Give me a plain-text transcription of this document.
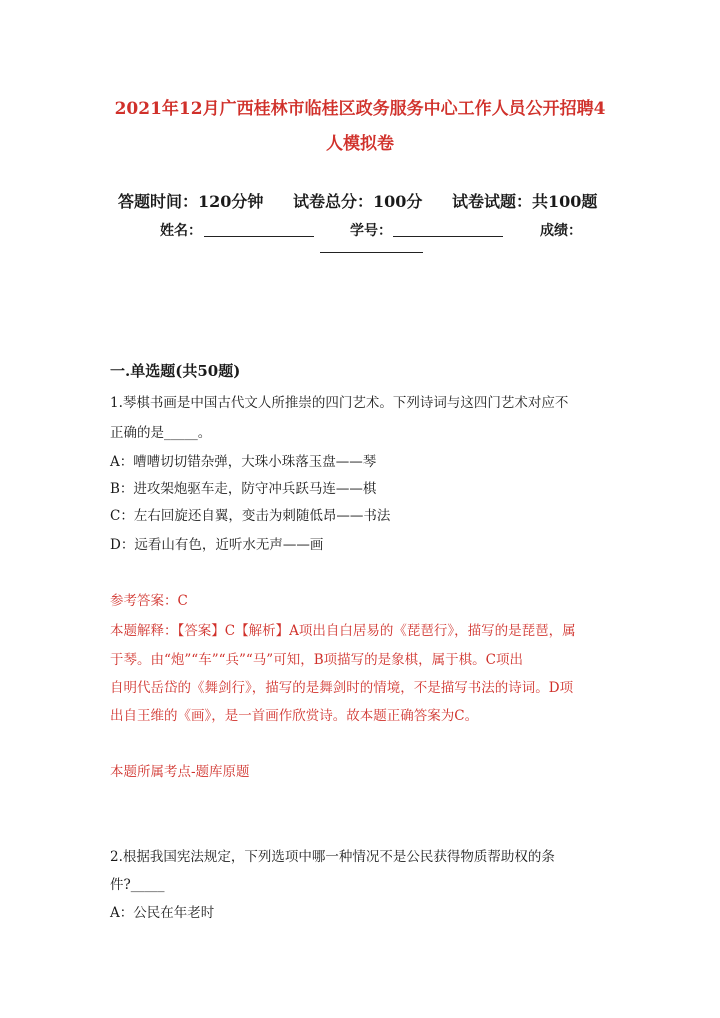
2021年12月广西桂林市临桂区政务服务中心工作人员公开招聘4
人模拟卷
答题时间：120分钟 试卷总分：100分 试卷试题：共100题
姓名：	学号：	成绩：
一.单选题(共50题)
1.琴棋书画是中国古代文人所推崇的四门艺术。下列诗词与这四门艺术对应不
正确的是_____。
A：嘈嘈切切错杂弹，大珠小珠落玉盘——琴
B：进攻架炮驱车走，防守冲兵跃马连——棋
C：左右回旋还自翼，变击为刺随低昂——书法
D：远看山有色，近听水无声——画
参考答案：C
本题解释：【答案】C【解析】A项出自白居易的《琵琶行》，描写的是琵琶，属
于琴。由“炮”“车”“兵”“马”可知，B项描写的是象棋，属于棋。C项出
自明代岳岱的《舞剑行》，描写的是舞剑时的情境，不是描写书法的诗词。D项
出自王维的《画》，是一首画作欣赏诗。故本题正确答案为C。
本题所属考点-题库原题
2.根据我国宪法规定，下列选项中哪一种情况不是公民获得物质帮助权的条
件?_____
A：公民在年老时
